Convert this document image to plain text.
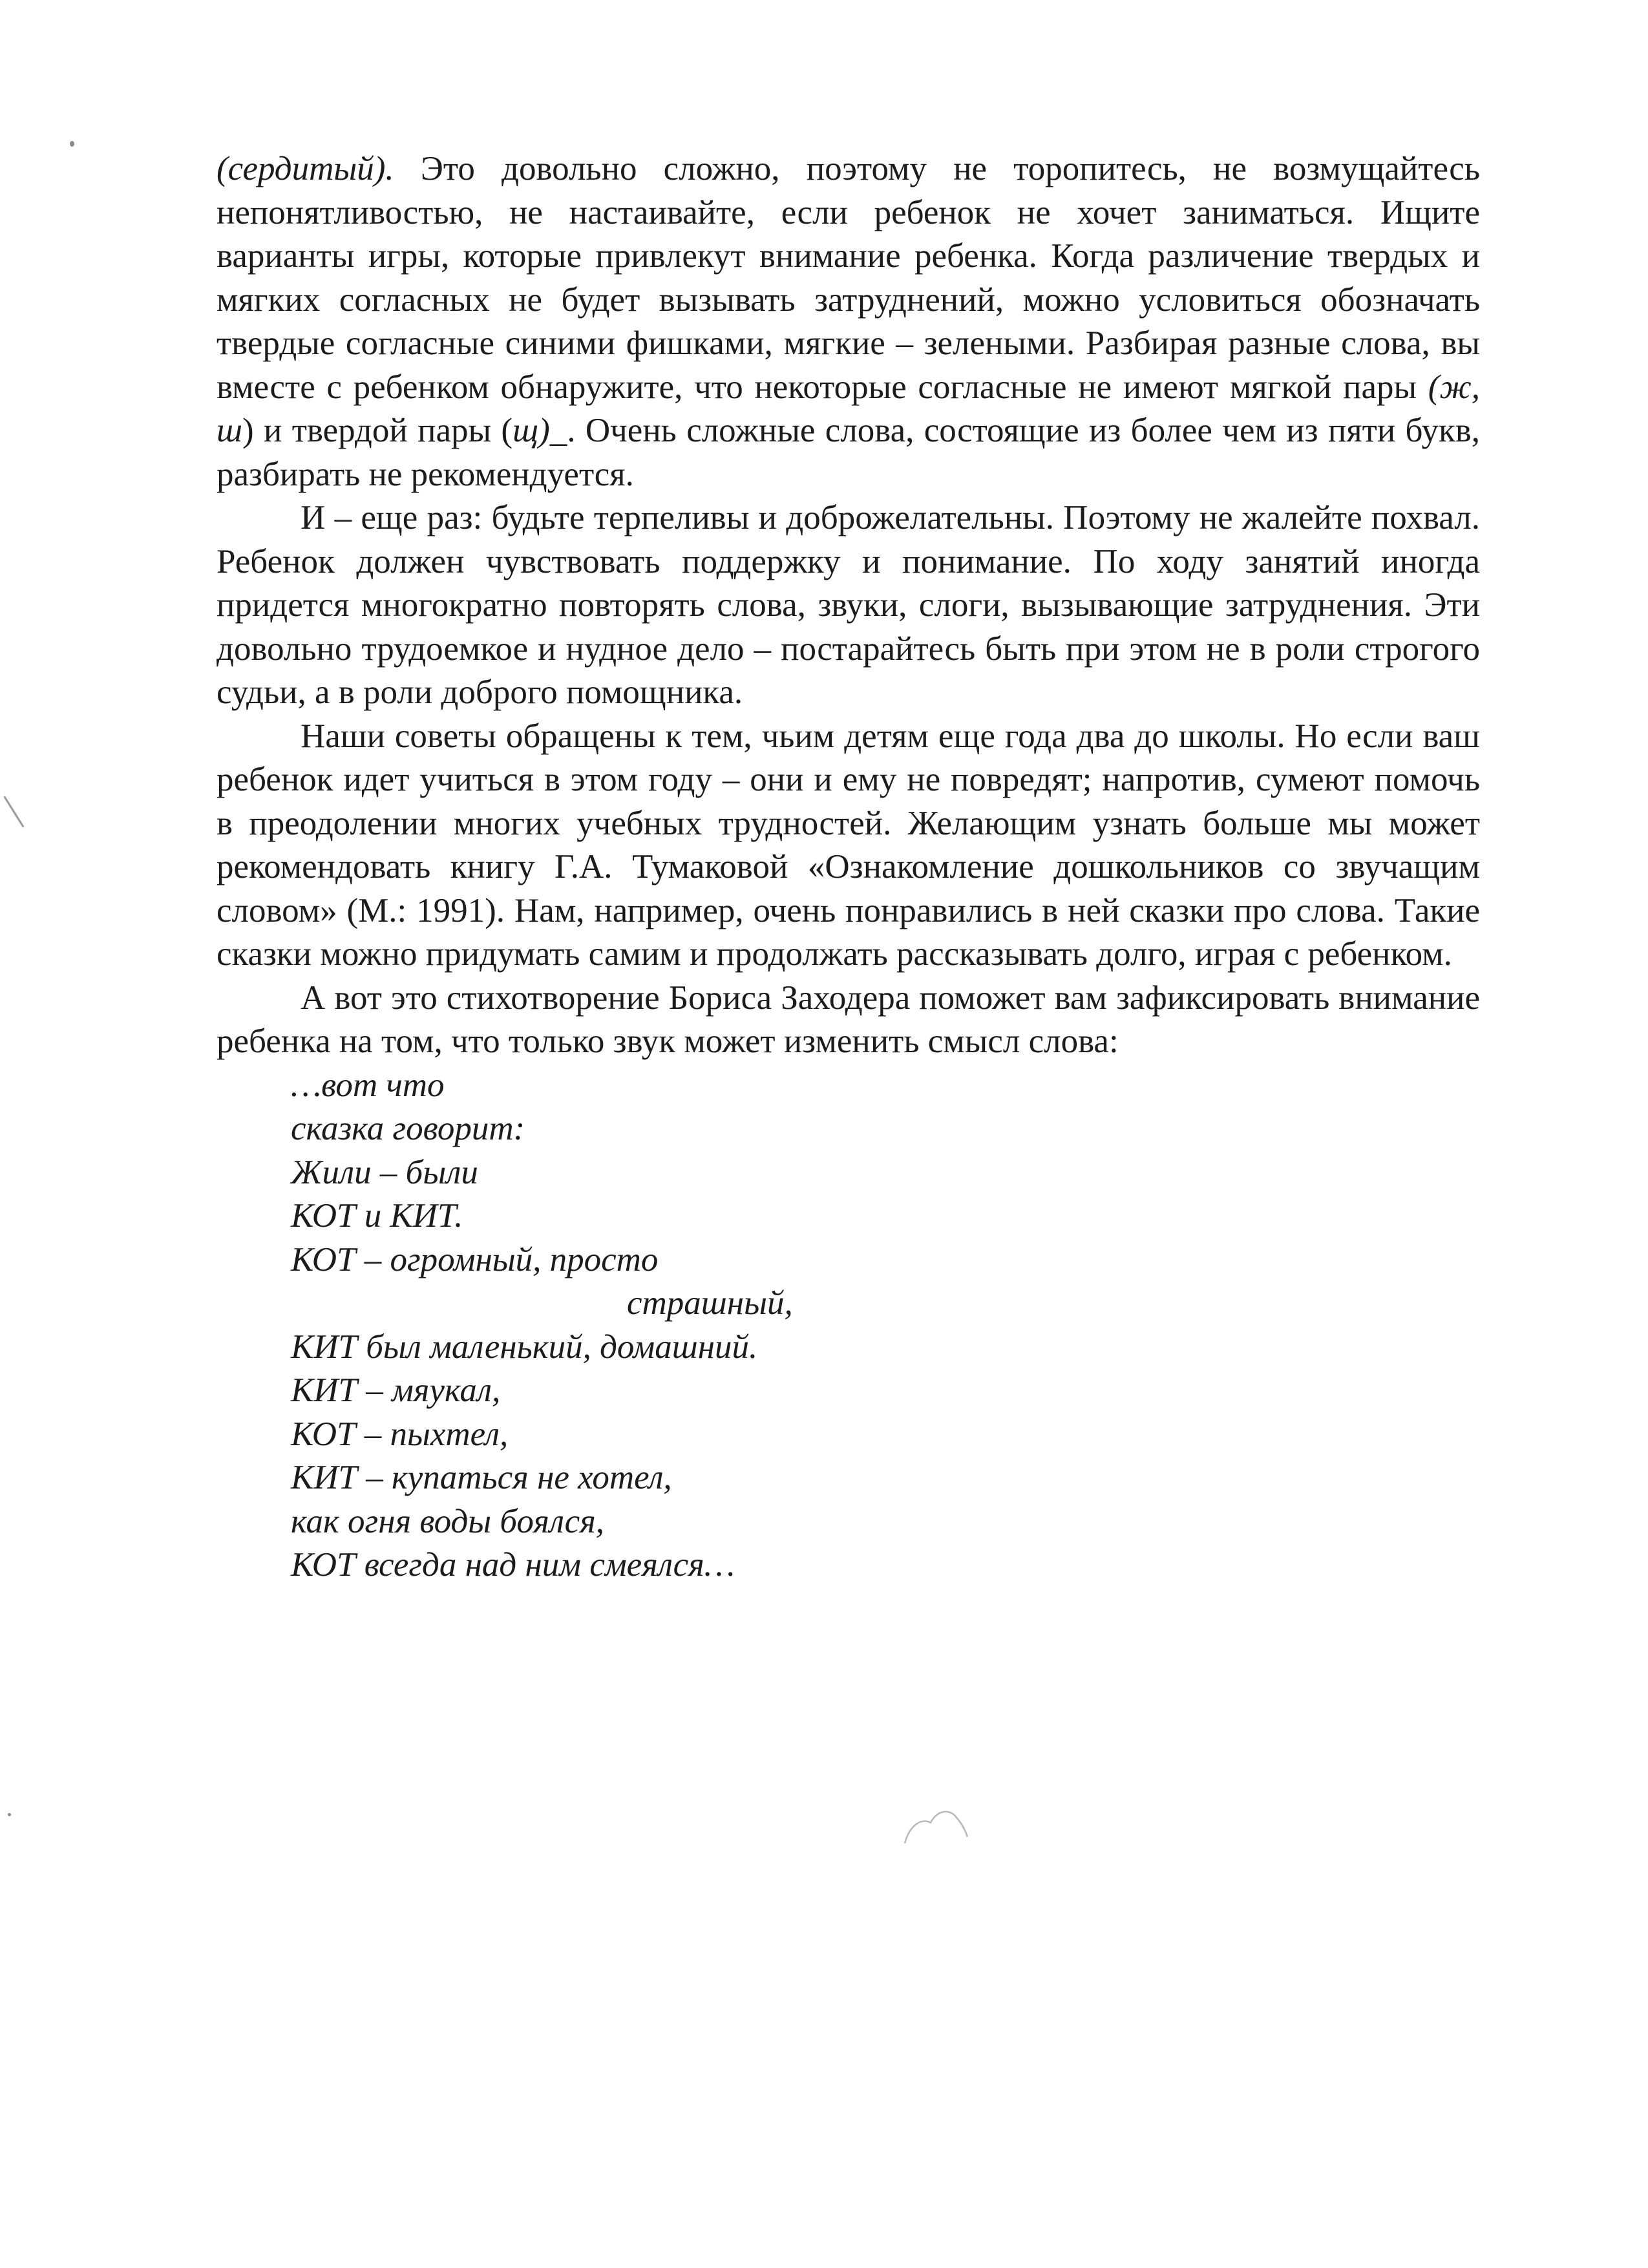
(сердитый). Это довольно сложно, поэтому не торопитесь, не возмущайтесь непонятливостью, не настаивайте, если ребенок не хочет заниматься. Ищите варианты игры, которые привлекут внимание ребенка. Когда различение твердых и мягких согласных не будет вызывать затруднений, можно условиться обозначать твердые согласные синими фишками, мягкие – зелеными. Разбирая разные слова, вы вместе с ребенком обнаружите, что некоторые согласные не имеют мягкой пары (ж, ш) и твердой пары (щ)_. Очень сложные слова, состоящие из более чем из пяти букв, разбирать не рекомендуется.

И – еще раз: будьте терпеливы и доброжелательны. Поэтому не жалейте похвал. Ребенок должен чувствовать поддержку и понимание. По ходу занятий иногда придется многократно повторять слова, звуки, слоги, вызывающие затруднения. Эти довольно трудоемкое и нудное дело – постарайтесь быть при этом не в роли строгого судьи, а в роли доброго помощника.

Наши советы обращены к тем, чьим детям еще года два до школы. Но если ваш ребенок идет учиться в этом году – они и ему не повредят; напротив, сумеют помочь в преодолении многих учебных трудностей. Желающим узнать больше мы может рекомендовать книгу Г.А. Тумаковой «Ознакомление дошкольников со звучащим словом» (М.: 1991). Нам, например, очень понравились в ней сказки про слова. Такие сказки можно придумать самим и продолжать рассказывать долго, играя с ребенком.

А вот это стихотворение Бориса Заходера поможет вам зафиксировать внимание ребенка на том, что только звук может изменить смысл слова:

…вот что
сказка говорит:
Жили – были
КОТ и КИТ.
КОТ – огромный, просто
страшный,
КИТ был маленький, домашний.
КИТ – мяукал,
КОТ – пыхтел,
КИТ – купаться не хотел,
как огня воды боялся,
КОТ всегда над ним смеялся…
